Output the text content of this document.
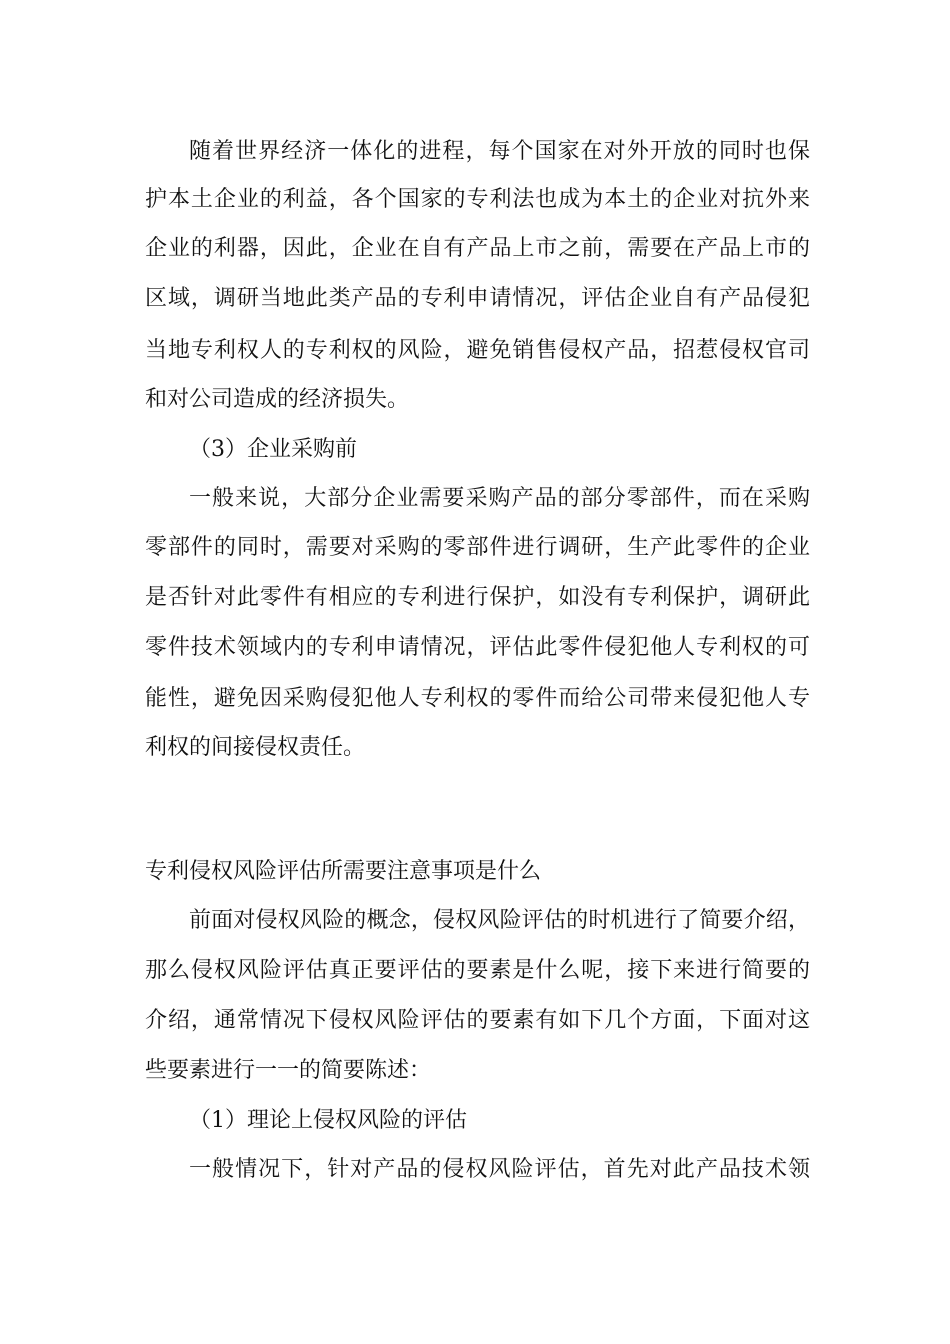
随着世界经济一体化的进程，每个国家在对外开放的同时也保

护本土企业的利益，各个国家的专利法也成为本土的企业对抗外来

企业的利器，因此，企业在自有产品上市之前，需要在产品上市的

区域，调研当地此类产品的专利申请情况，评估企业自有产品侵犯

当地专利权人的专利权的风险，避免销售侵权产品，招惹侵权官司

和对公司造成的经济损失。

（3）企业采购前

一般来说，大部分企业需要采购产品的部分零部件，而在采购

零部件的同时，需要对采购的零部件进行调研，生产此零件的企业

是否针对此零件有相应的专利进行保护，如没有专利保护，调研此

零件技术领域内的专利申请情况，评估此零件侵犯他人专利权的可

能性，避免因采购侵犯他人专利权的零件而给公司带来侵犯他人专

利权的间接侵权责任。

专利侵权风险评估所需要注意事项是什么

前面对侵权风险的概念，侵权风险评估的时机进行了简要介绍，

那么侵权风险评估真正要评估的要素是什么呢，接下来进行简要的

介绍，通常情况下侵权风险评估的要素有如下几个方面，下面对这

些要素进行一一的简要陈述：

（1）理论上侵权风险的评估

一般情况下，针对产品的侵权风险评估，首先对此产品技术领
